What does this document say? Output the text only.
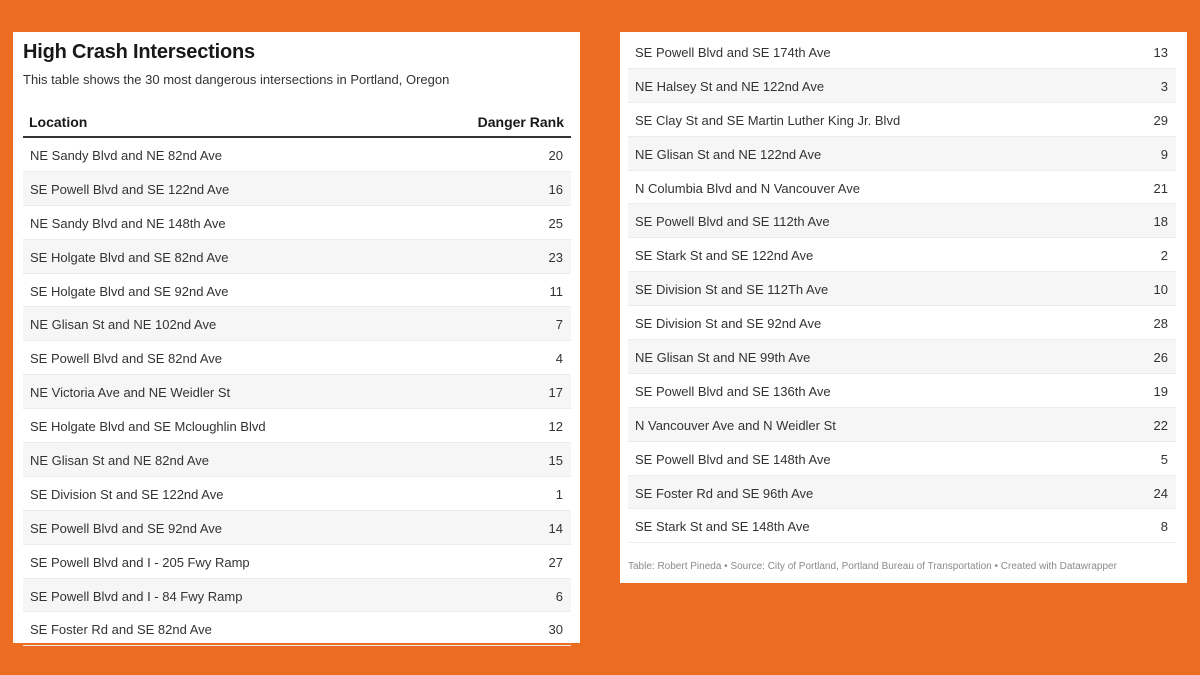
High Crash Intersections
This table shows the 30 most dangerous intersections in Portland, Oregon
Location	Danger Rank
NE Sandy Blvd and NE 82nd Ave	20
SE Powell Blvd and SE 122nd Ave	16
NE Sandy Blvd and NE 148th Ave	25
SE Holgate Blvd and SE 82nd Ave	23
SE Holgate Blvd and SE 92nd Ave	11
NE Glisan St and NE 102nd Ave	7
SE Powell Blvd and SE 82nd Ave	4
NE Victoria Ave and NE Weidler St	17
SE Holgate Blvd and SE Mcloughlin Blvd	12
NE Glisan St and NE 82nd Ave	15
SE Division St and SE 122nd Ave	1
SE Powell Blvd and SE 92nd Ave	14
SE Powell Blvd and I - 205 Fwy Ramp	27
SE Powell Blvd and I - 84 Fwy Ramp	6
SE Foster Rd and SE 82nd Ave	30
SE Powell Blvd and SE 174th Ave	13
NE Halsey St and NE 122nd Ave	3
SE Clay St and SE Martin Luther King Jr. Blvd	29
NE Glisan St and NE 122nd Ave	9
N Columbia Blvd and N Vancouver Ave	21
SE Powell Blvd and SE 112th Ave	18
SE Stark St and SE 122nd Ave	2
SE Division St and SE 112Th Ave	10
SE Division St and SE 92nd Ave	28
NE Glisan St and NE 99th Ave	26
SE Powell Blvd and SE 136th Ave	19
N Vancouver Ave and N Weidler St	22
SE Powell Blvd and SE 148th Ave	5
SE Foster Rd and SE 96th Ave	24
SE Stark St and SE 148th Ave	8
Table: Robert Pineda • Source: City of Portland, Portland Bureau of Transportation • Created with Datawrapper
